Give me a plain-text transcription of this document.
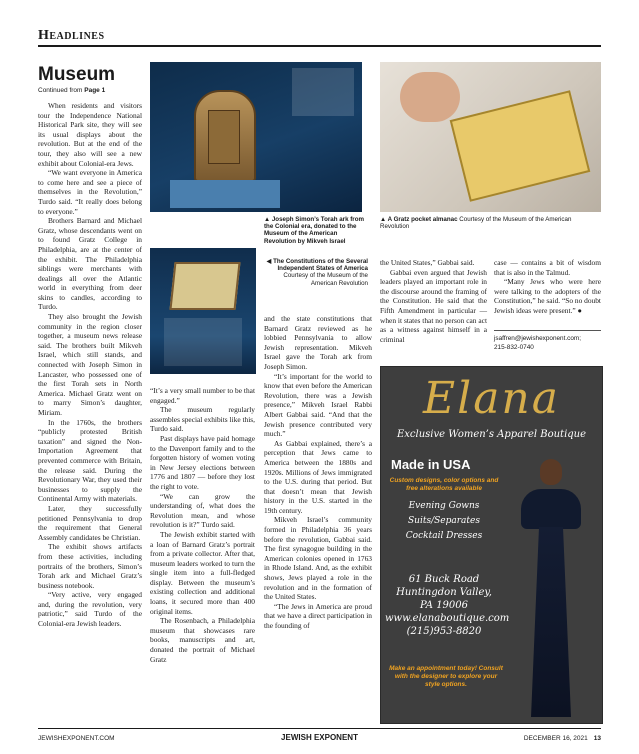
Headlines
Museum
Continued from Page 1

When residents and visitors tour the Independence National Historical Park site, they will see its usual displays about the revolution. But at the end of the tour, they also will see a new exhibit about Colonial-era Jews.

“We want everyone in America to come here and see a piece of themselves in the Revolution,” Turdo said. “It really does belong to everyone.”

Brothers Barnard and Michael Gratz, whose descendants went on to found Gratz College in Philadelphia, are at the center of the exhibit. The Philadelphia siblings were merchants with dealings all over the Atlantic world in everything from deer skins to candles, according to Turdo.

They also brought the Jewish community in the region closer together, a museum news release said. The brothers built Mikveh Israel, which still stands, and connected with Joseph Simon in Lancaster, who possessed one of the first Torah sets in North America. Michael Gratz went on to marry Simon’s daughter, Miriam.

In the 1760s, the brothers “publicly protested British taxation” and signed the Non-Importation Agreement that prevented commerce with Britain, the release said. During the Revolutionary War, they used their businesses to supply the Continental Army with materials.

Later, they successfully petitioned Pennsylvania to drop the requirement that General Assembly candidates be Christian.

The exhibit shows artifacts from these activities, including portraits of the brothers, Simon’s Torah ark and Michael Gratz’s business notebook.

“Very active, very engaged and, during the revolution, very patriotic,” said Turdo of the Colonial-era Jewish leaders.

▲ Joseph Simon’s Torah ark from the Colonial era, donated to the Museum of the American Revolution by Mikveh Israel
◀ The Constitutions of the Several Independent States of America
Courtesy of the Museum of the American Revolution
▲ A Gratz pocket almanac Courtesy of the Museum of the American Revolution

“It’s a very small number to be that engaged.”

The museum regularly assembles special exhibits like this, Turdo said.

Past displays have paid homage to the Davenport family and to the forgotten history of women voting in New Jersey elections between 1776 and 1807 — before they lost the right to vote.

“We can grow the understanding of, what does the Revolution mean, and whose revolution is it?” Turdo said.

The Jewish exhibit started with a loan of Barnard Gratz’s portrait from a private collector. After that, museum leaders worked to turn the single item into a full-fledged display. Between the museum’s existing collection and additional loans, it secured more than 400 original items.

The Rosenbach, a Philadelphia museum that showcases rare books, manuscripts and art, donated the portrait of Michael Gratz

and the state constitutions that Barnard Gratz reviewed as he lobbied Pennsylvania to allow Jewish representation. Mikveh Israel gave the Torah ark from Joseph Simon.

“It’s important for the world to know that even before the American Revolution, there was a Jewish presence,” Mikveh Israel Rabbi Albert Gabbai said. “And that the Jewish presence contributed very much.”

As Gabbai explained, there’s a perception that Jews came to America between the 1880s and 1920s. Millions of Jews immigrated to the U.S. during that period. But that doesn’t mean that Jewish history in the U.S. started in the 19th century.

Mikveh Israel’s community formed in Philadelphia 36 years before the revolution, Gabbai said. The first synagogue building in the American colonies opened in 1763 in Rhode Island. And, as the exhibit shows, Jews played a role in the revolution and in the formation of the United States.

“The Jews in America are proud that we have a direct participation in the founding of

the United States,” Gabbai said.

Gabbai even argued that Jewish leaders played an important role in the discourse around the framing of the Constitution. He said that the Fifth Amendment in particular — when it states that no person can act as a witness against himself in a criminal

case — contains a bit of wisdom that is also in the Talmud.

“Many Jews who were here were talking to the adopters of the Constitution,” he said. “So no doubt Jewish ideas were present.” ●

jsaffren@jewishexponent.com;
215-832-0740
Elana
Exclusive Women’s Apparel Boutique
Made in USA
Custom designs, color options and free alterations available
Evening Gowns
Suits/Separates
Cocktail Dresses
61 Buck Road
Huntingdon Valley,
PA 19006
www.elanaboutique.com
(215)953-8820
Make an appointment today! Consult with the designer to explore your style options.
JEWISHEXPONENT.COM	JEWISH EXPONENT	DECEMBER 16, 2021 13
